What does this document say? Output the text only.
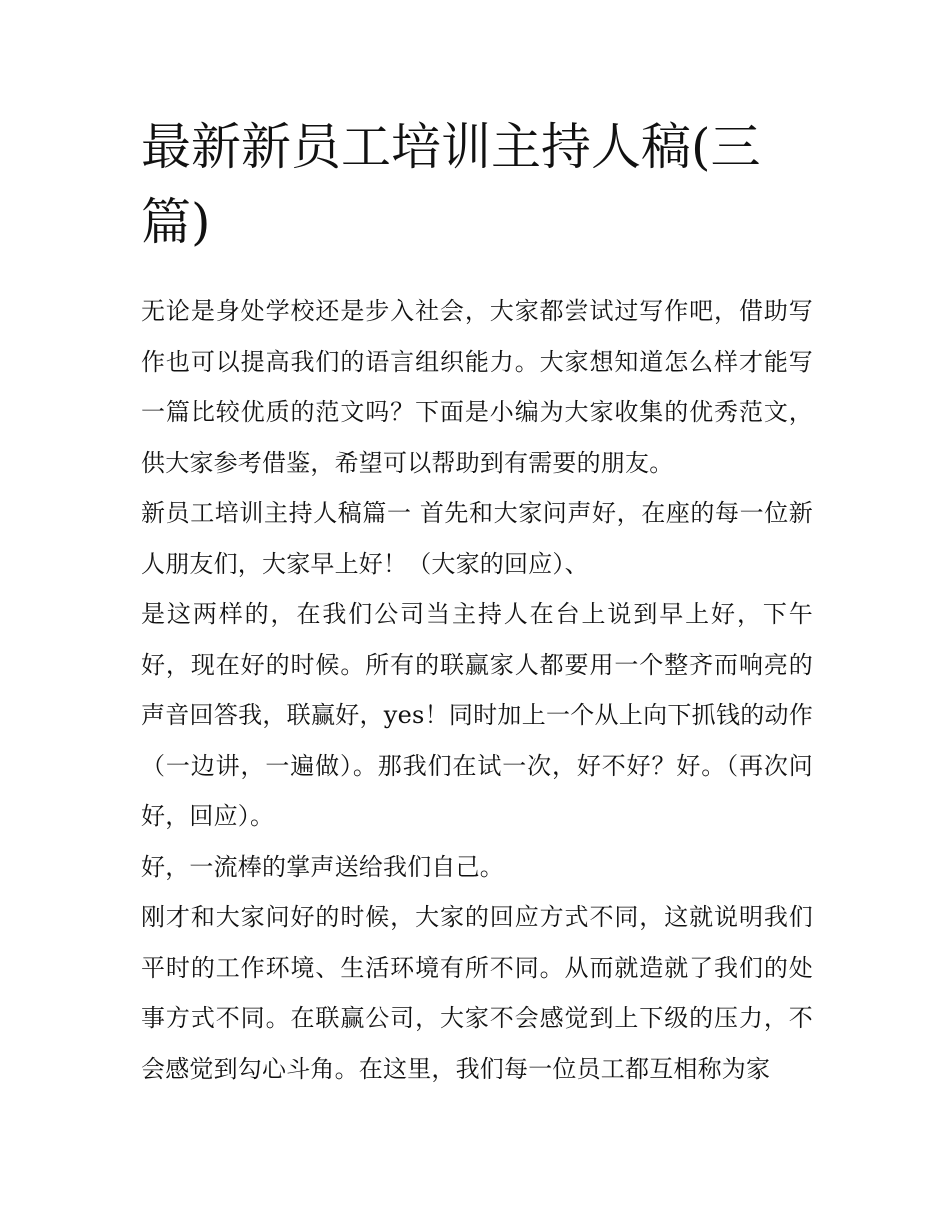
最新新员工培训主持人稿(三篇)

无论是身处学校还是步入社会，大家都尝试过写作吧，借助写作也可以提高我们的语言组织能力。大家想知道怎么样才能写一篇比较优质的范文吗？下面是小编为大家收集的优秀范文，供大家参考借鉴，希望可以帮助到有需要的朋友。

新员工培训主持人稿篇一 首先和大家问声好，在座的每一位新人朋友们，大家早上好！（大家的回应）、

是这两样的，在我们公司当主持人在台上说到早上好，下午好，现在好的时候。所有的联赢家人都要用一个整齐而响亮的声音回答我，联赢好，yes！同时加上一个从上向下抓钱的动作（一边讲，一遍做）。那我们在试一次，好不好？好。（再次问好，回应）。

好，一流棒的掌声送给我们自己。

刚才和大家问好的时候，大家的回应方式不同，这就说明我们平时的工作环境、生活环境有所不同。从而就造就了我们的处事方式不同。在联赢公司，大家不会感觉到上下级的压力，不会感觉到勾心斗角。在这里，我们每一位员工都互相称为家
